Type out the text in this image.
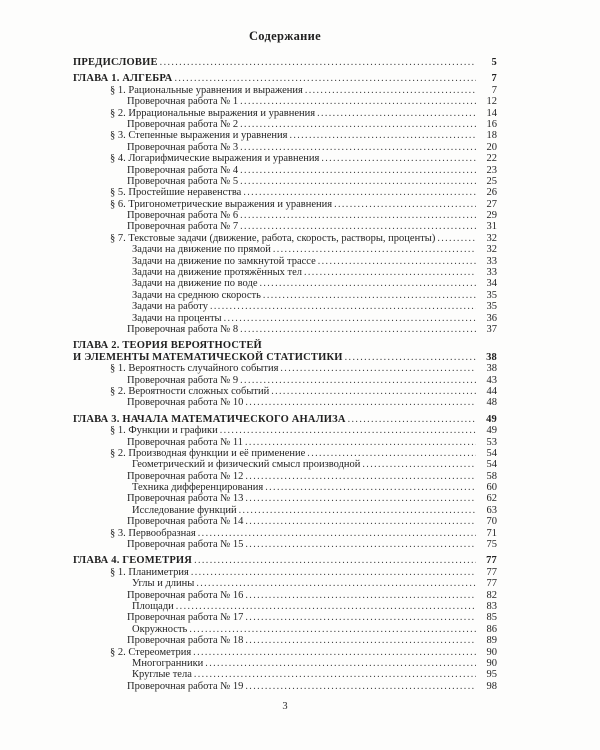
Содержание
ПРЕДИСЛОВИЕ .....	5
ГЛАВА 1. АЛГЕБРА .....	7
§ 1. Рациональные уравнения и выражения .....	7
Проверочная работа № 1 .....	12
§ 2. Иррациональные выражения и уравнения .....	14
Проверочная работа № 2 .....	16
§ 3. Степенные выражения и уравнения .....	18
Проверочная работа № 3 .....	20
§ 4. Логарифмические выражения и уравнения .....	22
Проверочная работа № 4 .....	23
Проверочная работа № 5 .....	25
§ 5. Простейшие неравенства .....	26
§ 6. Тригонометрические выражения и уравнения .....	27
Проверочная работа № 6 .....	29
Проверочная работа № 7 .....	31
§ 7. Текстовые задачи (движение, работа, скорость, растворы, проценты) .....	32
Задачи на движение по прямой .....	32
Задачи на движение по замкнутой трассе .....	33
Задачи на движение протяжённых тел .....	33
Задачи на движение по воде .....	34
Задачи на среднюю скорость .....	35
Задачи на работу .....	35
Задачи на проценты .....	36
Проверочная работа № 8 .....	37
ГЛАВА 2. ТЕОРИЯ ВЕРОЯТНОСТЕЙ
И ЭЛЕМЕНТЫ МАТЕМАТИЧЕСКОЙ СТАТИСТИКИ .....	38
§ 1. Вероятность случайного события .....	38
Проверочная работа № 9 .....	43
§ 2. Вероятности сложных событий .....	44
Проверочная работа № 10 .....	48
ГЛАВА 3. НАЧАЛА МАТЕМАТИЧЕСКОГО АНАЛИЗА .....	49
§ 1. Функции и графики .....	49
Проверочная работа № 11 .....	53
§ 2. Производная функции и её применение .....	54
Геометрический и физический смысл производной .....	54
Проверочная работа № 12 .....	58
Техника дифференцирования .....	60
Проверочная работа № 13 .....	62
Исследование функций .....	63
Проверочная работа № 14 .....	70
§ 3. Первообразная .....	71
Проверочная работа № 15 .....	75
ГЛАВА 4. ГЕОМЕТРИЯ .....	77
§ 1. Планиметрия .....	77
Углы и длины .....	77
Проверочная работа № 16 .....	82
Площади .....	83
Проверочная работа № 17 .....	85
Окружность .....	86
Проверочная работа № 18 .....	89
§ 2. Стереометрия .....	90
Многогранники .....	90
Круглые тела .....	95
Проверочная работа № 19 .....	98
3
